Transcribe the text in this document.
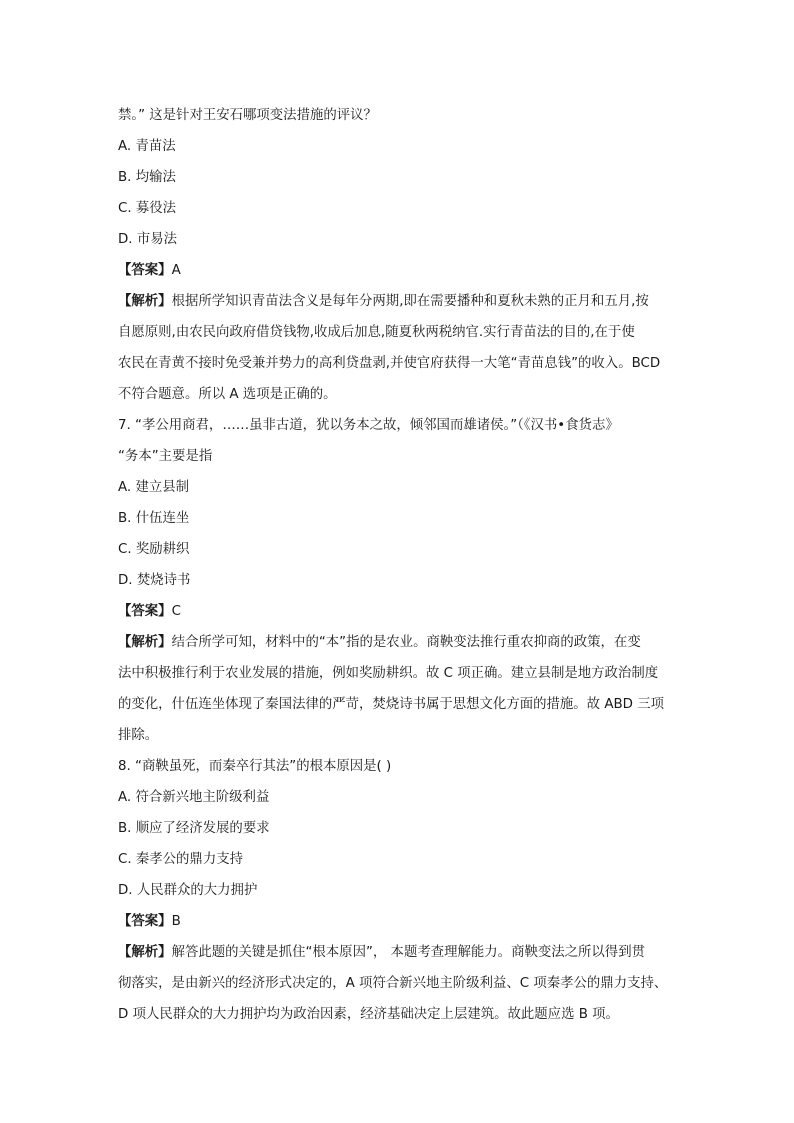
禁。” 这是针对王安石哪项变法措施的评议？
A. 青苗法
B. 均输法
C. 募役法
D. 市易法
【答案】A
【解析】根据所学知识青苗法含义是每年分两期,即在需要播种和夏秋未熟的正月和五月,按
自愿原则,由农民向政府借贷钱物,收成后加息,随夏秋两税纳官.实行青苗法的目的,在于使
农民在青黄不接时免受兼并势力的高利贷盘剥,并使官府获得一大笔“青苗息钱”的收入。BCD
不符合题意。所以 A 选项是正确的。
7. “孝公用商君，……虽非古道，犹以务本之故，倾邻国而雄诸侯。”（《汉书•食货志》
“务本”主要是指
A. 建立县制
B. 什伍连坐
C. 奖励耕织
D. 焚烧诗书
【答案】C
【解析】结合所学可知，材料中的“本”指的是农业。商鞅变法推行重农抑商的政策，在变
法中积极推行利于农业发展的措施，例如奖励耕织。故 C 项正确。建立县制是地方政治制度
的变化，什伍连坐体现了秦国法律的严苛，焚烧诗书属于思想文化方面的措施。故 ABD 三项
排除。
8. “商鞅虽死，而秦卒行其法”的根本原因是( )
A. 符合新兴地主阶级利益
B. 顺应了经济发展的要求
C. 秦孝公的鼎力支持
D. 人民群众的大力拥护
【答案】B
【解析】解答此题的关键是抓住“根本原因”， 本题考查理解能力。商鞅变法之所以得到贯
彻落实，是由新兴的经济形式决定的，A 项符合新兴地主阶级利益、C 项秦孝公的鼎力支持、
D 项人民群众的大力拥护均为政治因素，经济基础决定上层建筑。故此题应选 B 项。
